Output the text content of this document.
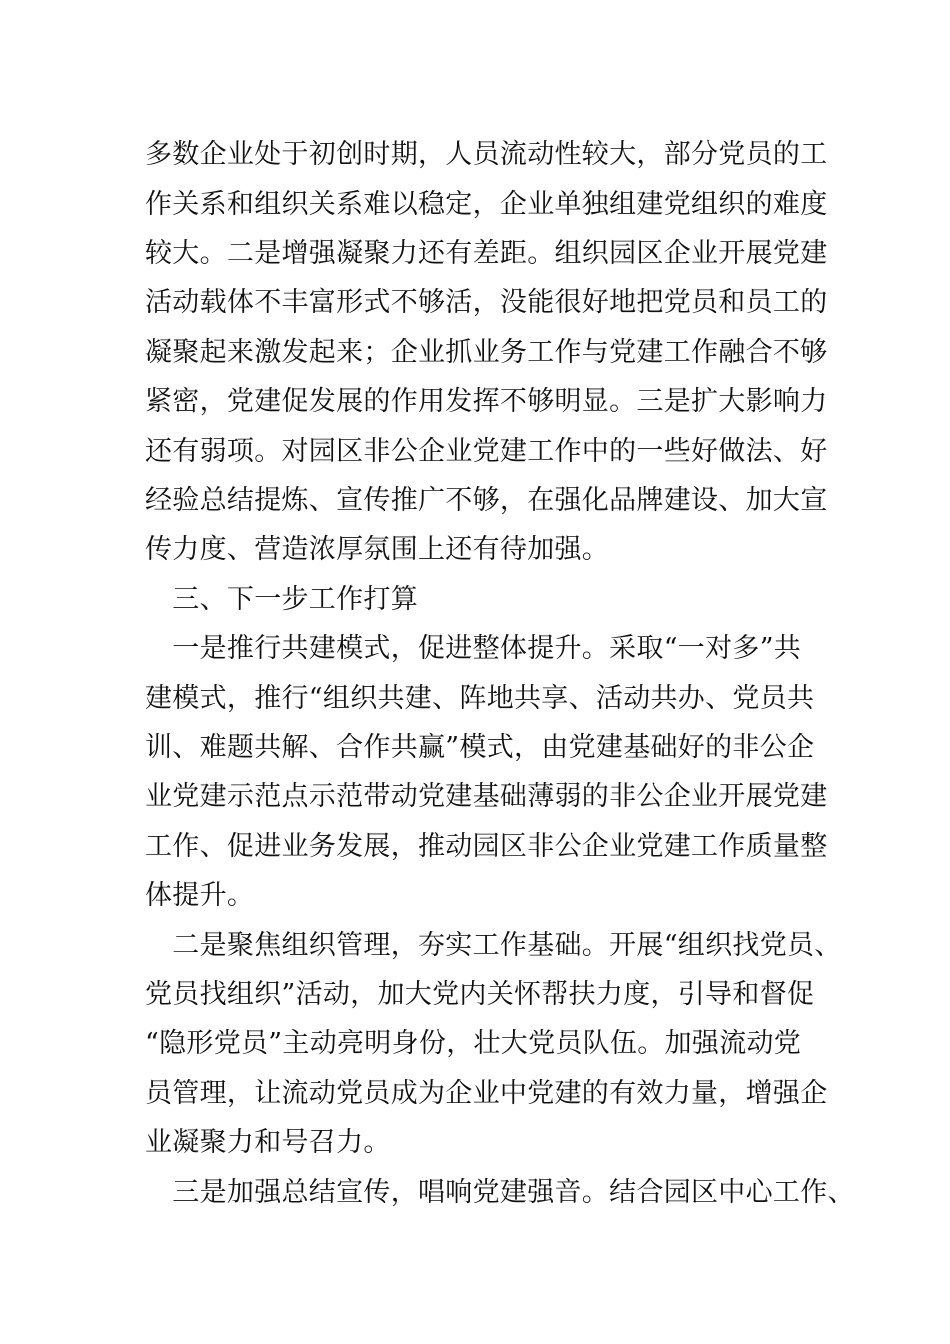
多数企业处于初创时期，人员流动性较大，部分党员的工
作关系和组织关系难以稳定，企业单独组建党组织的难度
较大。二是增强凝聚力还有差距。组织园区企业开展党建
活动载体不丰富形式不够活，没能很好地把党员和员工的
凝聚起来激发起来；企业抓业务工作与党建工作融合不够
紧密，党建促发展的作用发挥不够明显。三是扩大影响力
还有弱项。对园区非公企业党建工作中的一些好做法、好
经验总结提炼、宣传推广不够，在强化品牌建设、加大宣
传力度、营造浓厚氛围上还有待加强。
　三、下一步工作打算
　一是推行共建模式，促进整体提升。采取“一对多”共
建模式，推行“组织共建、阵地共享、活动共办、党员共
训、难题共解、合作共赢”模式，由党建基础好的非公企
业党建示范点示范带动党建基础薄弱的非公企业开展党建
工作、促进业务发展，推动园区非公企业党建工作质量整
体提升。
　二是聚焦组织管理，夯实工作基础。开展“组织找党员、
党员找组织”活动，加大党内关怀帮扶力度，引导和督促
“隐形党员”主动亮明身份，壮大党员队伍。加强流动党
员管理，让流动党员成为企业中党建的有效力量，增强企
业凝聚力和号召力。
　三是加强总结宣传，唱响党建强音。结合园区中心工作、
